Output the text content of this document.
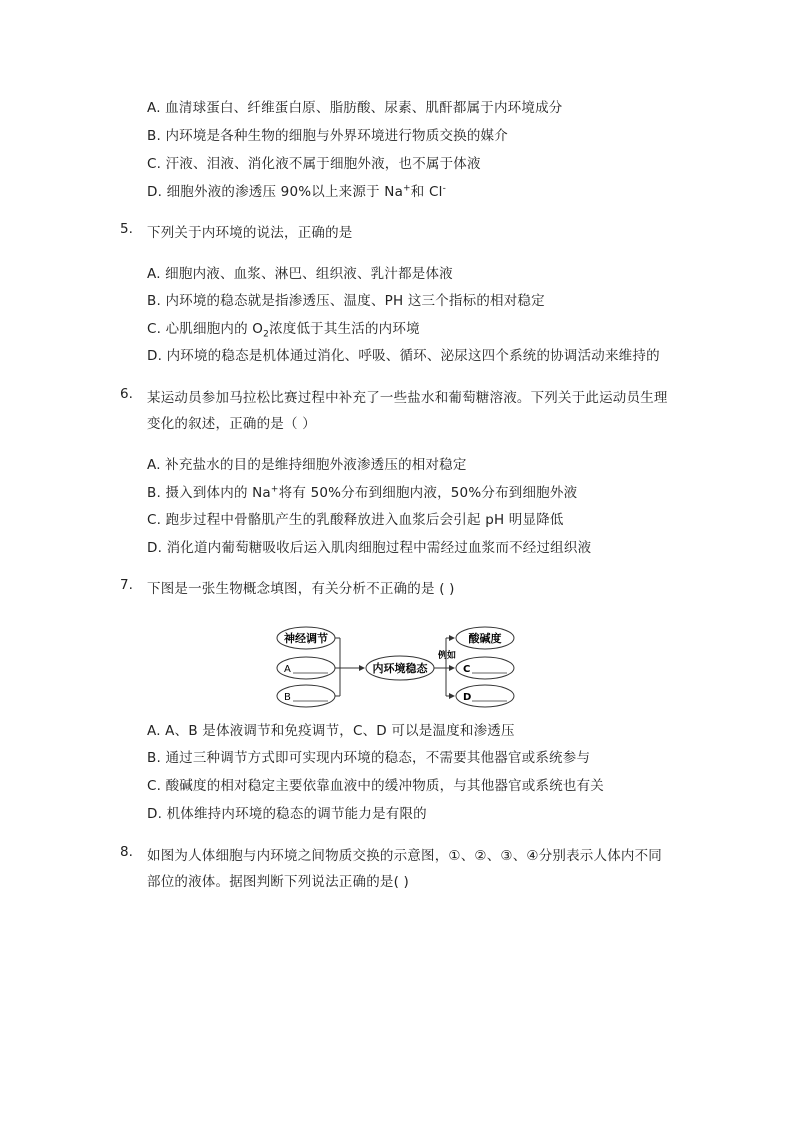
A. 血清球蛋白、纤维蛋白原、脂肪酸、尿素、肌酐都属于内环境成分
B. 内环境是各种生物的细胞与外界环境进行物质交换的媒介
C. 汗液、泪液、消化液不属于细胞外液，也不属于体液
D. 细胞外液的渗透压 90%以上来源于 Na+和 Cl-
5. 下列关于内环境的说法，正确的是
A. 细胞内液、血浆、淋巴、组织液、乳汁都是体液
B. 内环境的稳态就是指渗透压、温度、PH 这三个指标的相对稳定
C. 心肌细胞内的 $O_2$浓度低于其生活的内环境
D. 内环境的稳态是机体通过消化、呼吸、循环、泌尿这四个系统的协调活动来维持的
6. 某运动员参加马拉松比赛过程中补充了一些盐水和葡萄糖溶液。下列关于此运动员生理
变化的叙述，正确的是（ ）
A. 补充盐水的目的是维持细胞外液渗透压的相对稳定
B. 摄入到体内的 Na+将有 50%分布到细胞内液，50%分布到细胞外液
C. 跑步过程中骨骼肌产生的乳酸释放进入血浆后会引起 pH 明显降低
D. 消化道内葡萄糖吸收后运入肌肉细胞过程中需经过血浆而不经过组织液
7. 下图是一张生物概念填图，有关分析不正确的是 ( )
神经调节
A
B
内环境稳态
例如
酸碱度
C
D
A. A、B 是体液调节和免疫调节，C、D 可以是温度和渗透压
B. 通过三种调节方式即可实现内环境的稳态，不需要其他器官或系统参与
C. 酸碱度的相对稳定主要依靠血液中的缓冲物质，与其他器官或系统也有关
D. 机体维持内环境的稳态的调节能力是有限的
8. 如图为人体细胞与内环境之间物质交换的示意图，①、②、③、④分别表示人体内不同
部位的液体。据图判断下列说法正确的是( )
